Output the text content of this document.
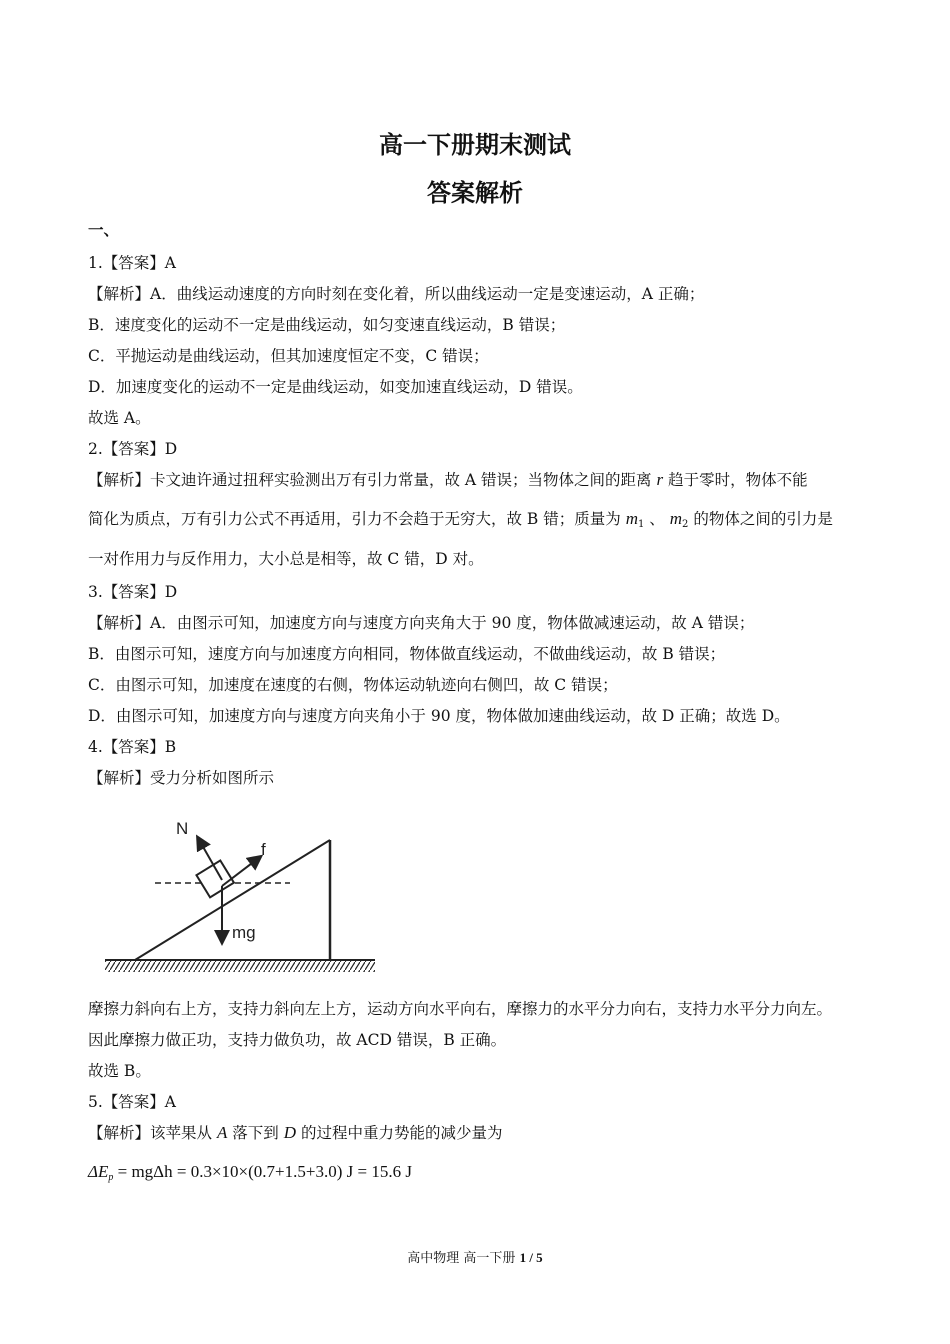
高一下册期末测试
答案解析
一、
1.【答案】A
【解析】A．曲线运动速度的方向时刻在变化着，所以曲线运动一定是变速运动，A 正确；
B．速度变化的运动不一定是曲线运动，如匀变速直线运动，B 错误；
C．平抛运动是曲线运动，但其加速度恒定不变，C 错误；
D．加速度变化的运动不一定是曲线运动，如变加速直线运动，D 错误。
故选 A。
2.【答案】D
【解析】卡文迪许通过扭秤实验测出万有引力常量，故 A 错误；当物体之间的距离 r 趋于零时，物体不能
简化为质点，万有引力公式不再适用，引力不会趋于无穷大，故 B 错；质量为 $m_1$ 、 $m_2$ 的物体之间的引力是
一对作用力与反作用力，大小总是相等，故 C 错，D 对。
3.【答案】D
【解析】A．由图示可知，加速度方向与速度方向夹角大于 90 度，物体做减速运动，故 A 错误；
B．由图示可知，速度方向与加速度方向相同，物体做直线运动，不做曲线运动，故 B 错误；
C．由图示可知，加速度在速度的右侧，物体运动轨迹向右侧凹，故 C 错误；
D．由图示可知，加速度方向与速度方向夹角小于 90 度，物体做加速曲线运动，故 D 正确；故选 D。
4.【答案】B
【解析】受力分析如图所示
N
f
mg
摩擦力斜向右上方，支持力斜向左上方，运动方向水平向右，摩擦力的水平分力向右，支持力水平分力向左。
因此摩擦力做正功，支持力做负功，故 ACD 错误，B 正确。
故选 B。
5.【答案】A
【解析】该苹果从 A 落下到 D 的过程中重力势能的减少量为
$\Delta E_p = mg\Delta h = 0.3\times 10\times(0.7+1.5+3.0) J = 15.6$ J
高中物理 高一下册 1 / 5
